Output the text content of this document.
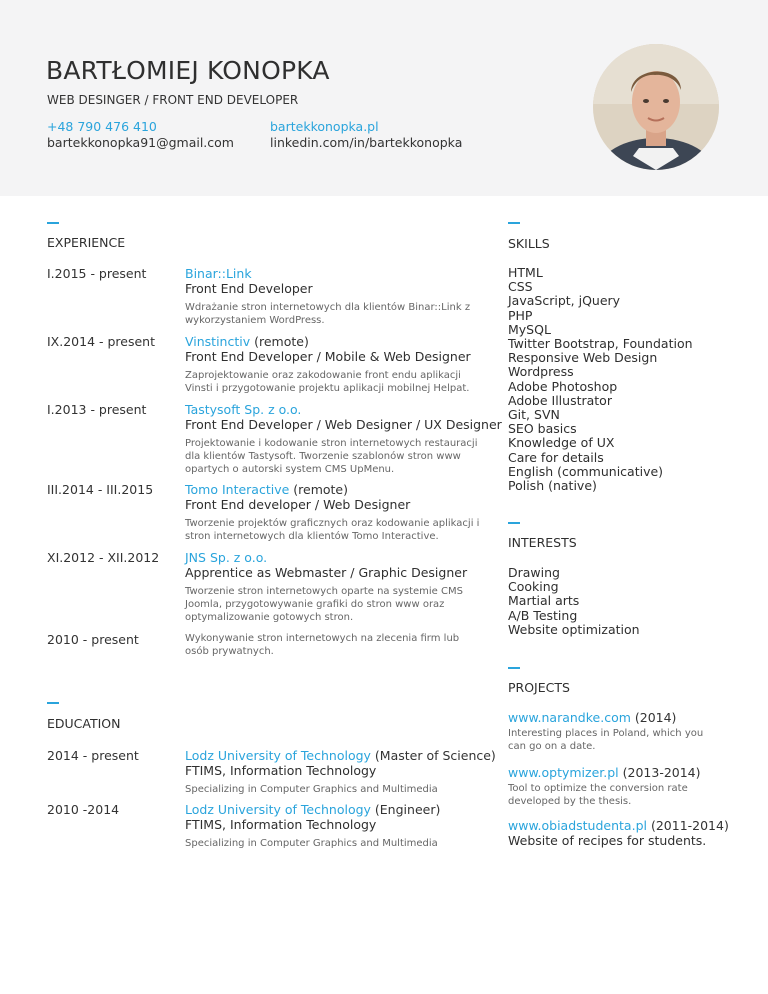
BARTŁOMIEJ KONOPKA
WEB DESINGER / FRONT END DEVELOPER
+48 790 476 410
bartekkonopka91@gmail.com
bartekkonopka.pl
linkedin.com/in/bartekkonopka
EXPERIENCE
I.2015 - present	Binar::Link
Front End Developer
Wdrażanie stron internetowych dla klientów Binar::Link z wykorzystaniem WordPress.
IX.2014 - present Vinstinctiv (remote)
Front End Developer / Mobile & Web Designer
Zaprojektowanie oraz zakodowanie front endu aplikacji Vinsti i przygotowanie projektu aplikacji mobilnej Helpat.
I.2013 - present	Tastysoft Sp. z o.o.
Front End Developer / Web Designer / UX Designer
Projektowanie i kodowanie stron internetowych restauracji dla klientów Tastysoft. Tworzenie szablonów stron www opartych o autorski system CMS UpMenu.
III.2014 - III.2015	Tomo Interactive (remote)
Front End developer / Web Designer
Tworzenie projektów graficznych oraz kodowanie aplikacji i stron internetowych dla klientów Tomo Interactive.
XI.2012 - XII.2012 JNS Sp. z o.o.
Apprentice as Webmaster / Graphic Designer
Tworzenie stron internetowych oparte na systemie CMS Joomla, przygotowywanie grafiki do stron www oraz optymalizowanie gotowych stron.
2010 - present	Wykonywanie stron internetowych na zlecenia firm lub osób prywatnych.
EDUCATION
2014 - present	Lodz University of Technology (Master of Science)
FTIMS, Information Technology
Specializing in Computer Graphics and Multimedia
2010 -2014	Lodz University of Technology (Engineer)
FTIMS, Information Technology
Specializing in Computer Graphics and Multimedia
SKILLS
HTML
CSS
JavaScript, jQuery
PHP
MySQL
Twitter Bootstrap, Foundation
Responsive Web Design
Wordpress
Adobe Photoshop
Adobe Illustrator
Git, SVN
SEO basics
Knowledge of UX
Care for details
English (communicative)
Polish (native)
INTERESTS
Drawing
Cooking
Martial arts
A/B Testing
Website optimization
PROJECTS
www.narandke.com (2014)
Interesting places in Poland, which you can go on a date.
www.optymizer.pl (2013-2014)
Tool to optimize the conversion rate developed by the thesis.
www.obiadstudenta.pl (2011-2014)
Website of recipes for students.
